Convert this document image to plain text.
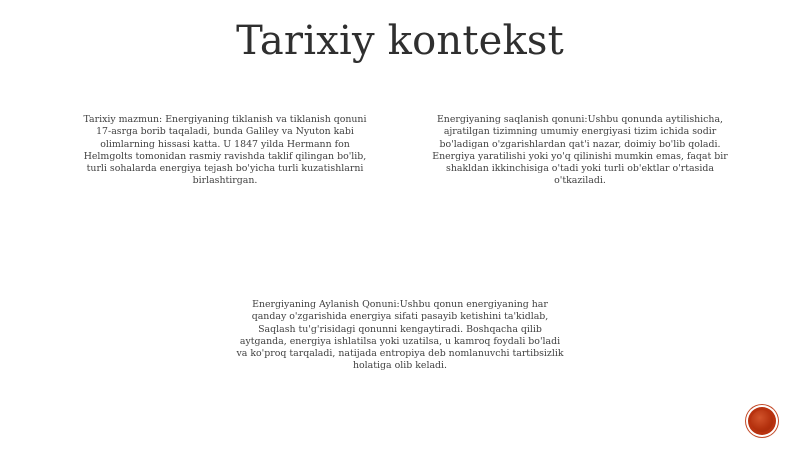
Tarixiy kontekst

Tarixiy mazmun: Energiyaning tiklanish va tiklanish qonuni 17-asrga borib taqaladi, bunda Galiley va Nyuton kabi olimlarning hissasi katta. U 1847 yilda Hermann fon Helmgolts tomonidan rasmiy ravishda taklif qilingan bo'lib, turli sohalarda energiya tejash bo'yicha turli kuzatishlarni birlashtirgan.

Energiyaning saqlanish qonuni:Ushbu qonunda aytilishicha, ajratilgan tizimning umumiy energiyasi tizim ichida sodir bo'ladigan o'zgarishlardan qat'i nazar, doimiy bo'lib qoladi. Energiya yaratilishi yoki yo'q qilinishi mumkin emas, faqat bir shakldan ikkinchisiga o'tadi yoki turli ob'ektlar o'rtasida o'tkaziladi.

Energiyaning Aylanish Qonuni:Ushbu qonun energiyaning har qanday o'zgarishida energiya sifati pasayib ketishini ta'kidlab, Saqlash tu'g'risidagi qonunni kengaytiradi. Boshqacha qilib aytganda, energiya ishlatilsa yoki uzatilsa, u kamroq foydali bo'ladi va ko'proq tarqaladi, natijada entropiya deb nomlanuvchi tartibsizlik holatiga olib keladi.
